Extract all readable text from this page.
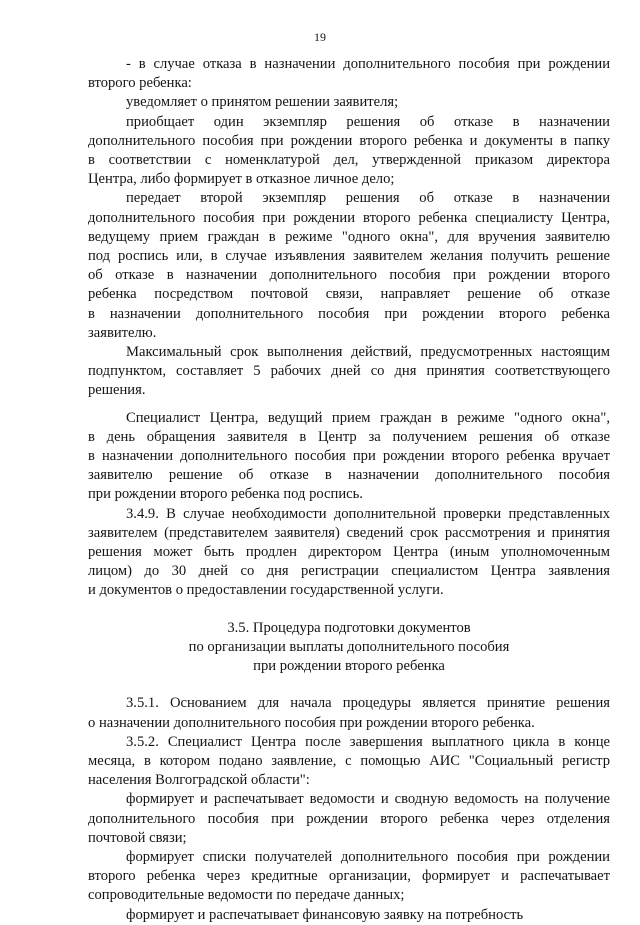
19

- в случае отказа в назначении дополнительного пособия при рождении
второго ребенка:

уведомляет о принятом решении заявителя;

приобщает один экземпляр решения об отказе в назначении
дополнительного пособия при рождении второго ребенка и документы в папку
в соответствии с номенклатурой дел, утвержденной приказом директора
Центра, либо формирует в отказное личное дело;

передает второй экземпляр решения об отказе в назначении
дополнительного пособия при рождении второго ребенка специалисту Центра,
ведущему прием граждан в режиме "одного окна", для вручения заявителю
под роспись или, в случае изъявления заявителем желания получить решение
об отказе в назначении дополнительного пособия при рождении второго
ребенка посредством почтовой связи, направляет решение об отказе
в назначении дополнительного пособия при рождении второго ребенка
заявителю.

Максимальный срок выполнения действий, предусмотренных настоящим
подпунктом, составляет 5 рабочих дней со дня принятия соответствующего
решения.

Специалист Центра, ведущий прием граждан в режиме "одного окна",
в день обращения заявителя в Центр за получением решения об отказе
в назначении дополнительного пособия при рождении второго ребенка вручает
заявителю решение об отказе в назначении дополнительного пособия
при рождении второго ребенка под роспись.

3.4.9. В случае необходимости дополнительной проверки представленных
заявителем (представителем заявителя) сведений срок рассмотрения и принятия
решения может быть продлен директором Центра (иным уполномоченным
лицом) до 30 дней со дня регистрации специалистом Центра заявления
и документов о предоставлении государственной услуги.

3.5. Процедура подготовки документов
по организации выплаты дополнительного пособия
при рождении второго ребенка

3.5.1. Основанием для начала процедуры является принятие решения
о назначении дополнительного пособия при рождении второго ребенка.

3.5.2. Специалист Центра после завершения выплатного цикла в конце
месяца, в котором подано заявление, с помощью АИС "Социальный регистр
населения Волгоградской области":

формирует и распечатывает ведомости и сводную ведомость на получение
дополнительного пособия при рождении второго ребенка через отделения
почтовой связи;

формирует списки получателей дополнительного пособия при рождении
второго ребенка через кредитные организации, формирует и распечатывает
сопроводительные ведомости по передаче данных;

формирует и распечатывает финансовую заявку на потребность
